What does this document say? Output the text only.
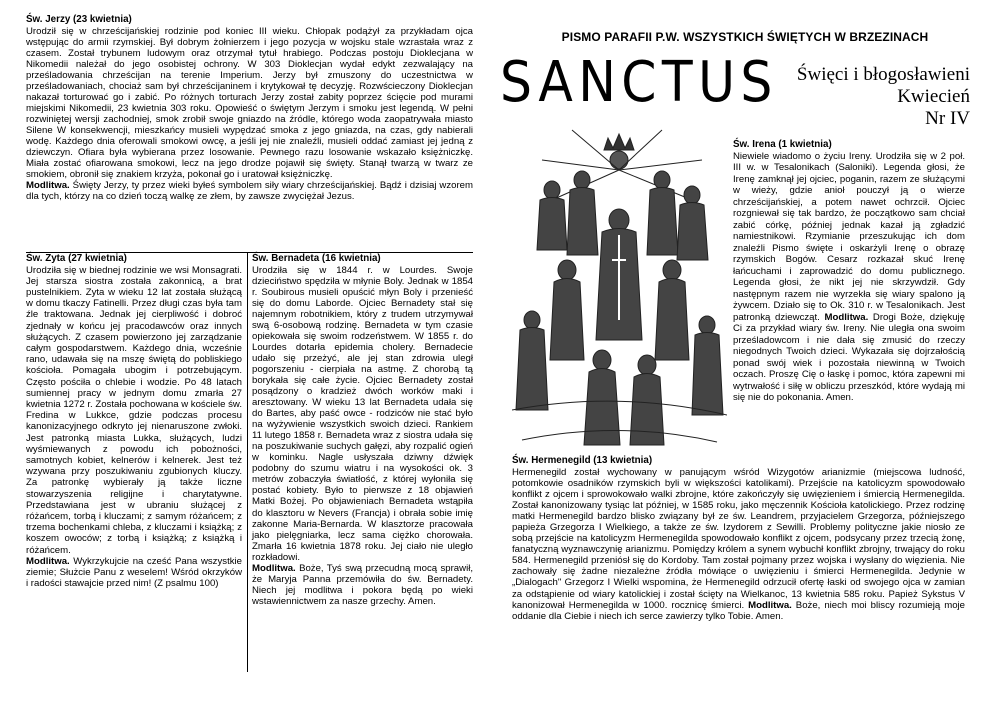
Św. Jerzy (23 kwietnia)
Urodził się w chrześcijańskiej rodzinie pod koniec III wieku. Chłopak podążył za przykładam ojca wstępując do armii rzymskiej. Był dobrym żołnierzem i jego pozycja w wojsku stale wzrastała wraz z czasem. Został trybunem ludowym oraz otrzymał tytuł hrabiego. Podczas postoju Dioklecjana w Nikomedii należał do jego osobistej ochrony. W 303 Dioklecjan wydał edykt zezwalający na prześladowania chrześcijan na terenie Imperium. Jerzy był zmuszony do uczestnictwa w prześladowaniach, chociaż sam był chrześcijaninem i krytykował tę decyzję. Rozwścieczony Dioklecjan nakazał torturować go i zabić. Po różnych torturach Jerzy został zabity poprzez ścięcie pod murami miejskimi Nikomedii, 23 kwietnia 303 roku. Opowieść o świętym Jerzym i smoku jest legendą. W pełni rozwiniętej wersji zachodniej, smok zrobił swoje gniazdo na źródle, którego woda zaopatrywała miasto Silene W konsekwencji, mieszkańcy musieli wypędzać smoka z jego gniazda, na czas, gdy nabierali wodę. Każdego dnia oferowali smokowi owcę, a jeśli jej nie znaleźli, musieli oddać zamiast jej jedną z dziewczyn. Ofiara była wybierana przez losowanie. Pewnego razu losowanie wskazało księżniczkę. Miała zostać ofiarowana smokowi, lecz na jego drodze pojawił się święty. Stanął twarzą w twarz ze smokiem, obronił się znakiem krzyża, pokonał go i uratował księżniczkę.
Modlitwa. Święty Jerzy, ty przez wieki byłeś symbolem siły wiary chrześcijańskiej. Bądź i dzisiaj wzorem dla tych, którzy na co dzień toczą walkę ze złem, by zawsze zwyciężał Jezus.
Św. Zyta (27 kwietnia)
Urodziła się w biednej rodzinie we wsi Monsagrati. Jej starsza siostra została zakonnicą, a brat pustelnikiem. Zyta w wieku 12 lat została służącą w domu tkaczy Fatinelli. Przez długi czas była tam źle traktowana. Jednak jej cierpliwość i dobroć zjednały w końcu jej pracodawców oraz innych służących. Z czasem powierzono jej zarządzanie całym gospodarstwem. Każdego dnia, wcześnie rano, udawała się na mszę świętą do pobliskiego kościoła. Pomagała ubogim i potrzebującym. Często pościła o chlebie i wodzie. Po 48 latach sumiennej pracy w jednym domu zmarła 27 kwietnia 1272 r. Została pochowana w kościele św. Fredina w Lukkce, gdzie podczas procesu kanonizacyjnego odkryto jej nienaruszone zwłoki. Jest patronką miasta Lukka, służących, ludzi wyśmiewanych z powodu ich pobożności, samotnych kobiet, kelnerów i kelnerek. Jest też wzywana przy poszukiwaniu zgubionych kluczy. Za patronkę wybierały ją także liczne stowarzyszenia religijne i charytatywne. Przedstawiana jest w ubraniu służącej z różańcem, torbą i kluczami; z samym różańcem; z trzema bochenkami chleba, z kluczami i książką; z koszem owoców; z torbą i książką; z książką i różańcem.
Modlitwa. Wykrzykujcie na cześć Pana wszystkie ziemie; Służcie Panu z weselem! Wśród okrzyków i radości stawajcie przed nim! (Z psalmu 100)
Św. Bernadeta (16 kwietnia)
Urodziła się w 1844 r. w Lourdes. Swoje dzieciństwo spędziła w młynie Boly. Jednak w 1854 r. Soubirous musieli opuścić młyn Boly i przenieść się do domu Laborde. Ojciec Bernadety stał się najemnym robotnikiem, który z trudem utrzymywał swą 6-osobową rodzinę. Bernadeta w tym czasie opiekowała się swoim rodzeństwem. W 1855 r. do Lourdes dotarła epidemia cholery. Bernadecie udało się przeżyć, ale jej stan zdrowia uległ pogorszeniu - cierpiała na astmę. Z chorobą tą borykała się całe życie. Ojciec Bernadety został posądzony o kradzież dwóch worków maki i aresztowany. W wieku 13 lat Bernadeta udała się do Bartes, aby paść owce - rodziców nie stać było na wyżywienie wszystkich swoich dzieci. Rankiem 11 lutego 1858 r. Bernadeta wraz z siostra udała się na poszukiwanie suchych gałęzi, aby rozpalić ogień w kominku. Nagle usłyszała dziwny dźwięk podobny do szumu wiatru i na wysokości ok. 3 metrów zobaczyła światłość, z której wyłoniła się postać kobiety. Było to pierwsze z 18 objawień Matki Bożej. Po objawieniach Bernadeta wstąpiła do klasztoru w Nevers (Francja) i obrała sobie imię zakonne Maria-Bernarda. W klasztorze pracowała jako pielęgniarka, lecz sama ciężko chorowała. Zmarła 16 kwietnia 1878 roku. Jej ciało nie uległo rozkładowi.
Modlitwa. Boże, Tyś swą przecudną mocą sprawił, że Maryja Panna przemówiła do św. Bernadety. Niech jej modlitwa i pokora będą po wieki wstawiennictwem za nasze grzechy. Amen.
PISMO PARAFII P.W. WSZYSTKICH ŚWIĘTYCH W BRZEZINACH
SANCTUS Święci i błogosławieni
Kwiecień
Nr IV
Św. Irena (1 kwietnia)
Niewiele wiadomo o życiu Ireny. Urodziła się w 2 poł. III w. w Tesalonikach (Saloniki). Legenda głosi, że Irenę zamknął jej ojciec, poganin, razem ze służącymi w wieży, gdzie anioł pouczył ją o wierze chrześcijańskiej, a potem nawet ochrzcił. Ojciec rozgniewał się tak bardzo, że początkowo sam chciał zabić córkę, później jednak kazał ją zgładzić namiestnikowi. Rzymianie przeszukując ich dom znaleźli Pismo święte i oskarżyli Irenę o obrazę rzymskich Bogów. Cesarz rozkazał skuć Irenę łańcuchami i zaprowadzić do domu publicznego. Legenda głosi, że nikt jej nie skrzywdził. Gdy następnym razem nie wyrzekła się wiary spalono ją żywcem. Działo się to Ok. 310 r. w Tesalonikach. Jest patronką dziewcząt. Modlitwa. Drogi Boże, dziękuję Ci za przykład wiary św. Ireny. Nie uległa ona swoim prześladowcom i nie dała się zmusić do rzeczy niegodnych Twoich dzieci. Wykazała się dojrzałością ponad swój wiek i pozostała niewinną w Twoich oczach. Proszę Cię o łaskę i pomoc, która zapewni mi wytrwałość i siłę w obliczu przeszkód, które wydają mi się nie do pokonania. Amen.
Św. Hermenegild (13 kwietnia)
Hermenegild został wychowany w panującym wśród Wizygotów arianizmie (miejscowa ludność, potomkowie osadników rzymskich byli w większości katolikami). Przejście na katolicyzm spowodowało konflikt z ojcem i sprowokowało walki zbrojne, które zakończyły się uwięzieniem i śmiercią Hermenegilda. Został kanonizowany tysiąc lat później, w 1585 roku, jako męczennik Kościoła katolickiego. Przez rodzinę matki Hermenegild bardzo blisko związany był ze św. Leandrem, przyjacielem Grzegorza, późniejszego papieża Grzegorza I Wielkiego, a także ze św. Izydorem z Sewilli. Problemy polityczne jakie niosło ze sobą przejście na katolicyzm Hermenegilda spowodowało konflikt z ojcem, podsycany przez trzecią żonę, fanatyczną wyznawczynię arianizmu. Pomiędzy królem a synem wybuchł konflikt zbrojny, trwający do roku 584. Hermenegild przeniósł się do Kordoby. Tam został pojmany przez wojska i wysłany do więzienia. Nie zachowały się żadne niezależne źródła mówiące o uwięzieniu i śmierci Hermenegilda. Jedynie w „Dialogach" Grzegorz I Wielki wspomina, że Hermenegild odrzucił ofertę łaski od swojego ojca w zamian za odstąpienie od wiary katolickiej i został ścięty na Wielkanoc, 13 kwietnia 585 roku. Papież Sykstus V kanonizował Hermenegilda w 1000. rocznicę śmierci. Modlitwa. Boże, niech moi bliscy rozumieją moje oddanie dla Ciebie i niech ich serce zawierzy tylko Tobie. Amen.
